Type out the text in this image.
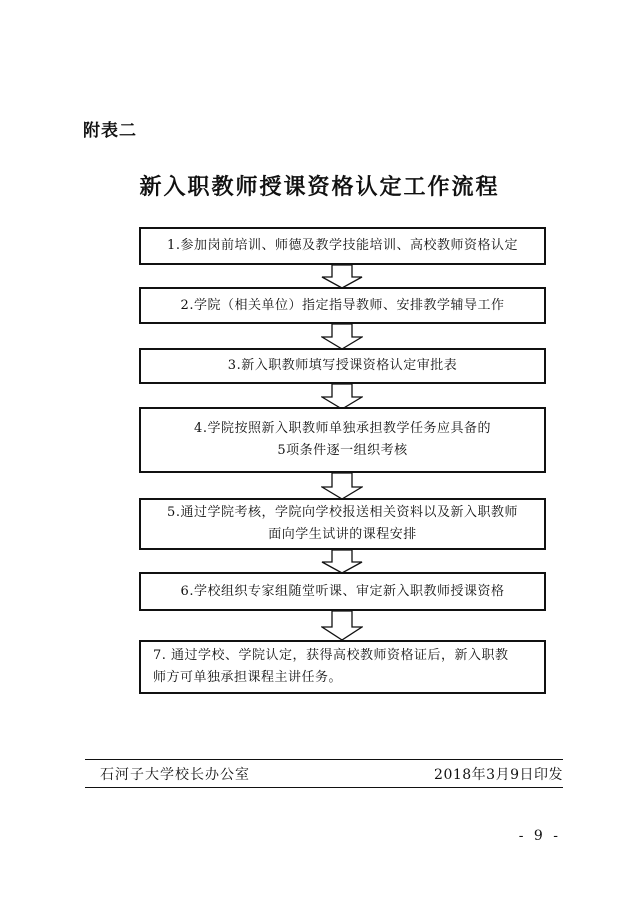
附表二
新入职教师授课资格认定工作流程
1.参加岗前培训、师德及教学技能培训、高校教师资格认定
2.学院（相关单位）指定指导教师、安排教学辅导工作
3.新入职教师填写授课资格认定审批表
4.学院按照新入职教师单独承担教学任务应具备的
5项条件逐一组织考核
5.通过学院考核，学院向学校报送相关资料以及新入职教师
面向学生试讲的课程安排
6.学校组织专家组随堂听课、审定新入职教师授课资格
7. 通过学校、学院认定，获得高校教师资格证后，新入职教
师方可单独承担课程主讲任务。
石河子大学校长办公室	2018年3月9日印发
- 9 -
